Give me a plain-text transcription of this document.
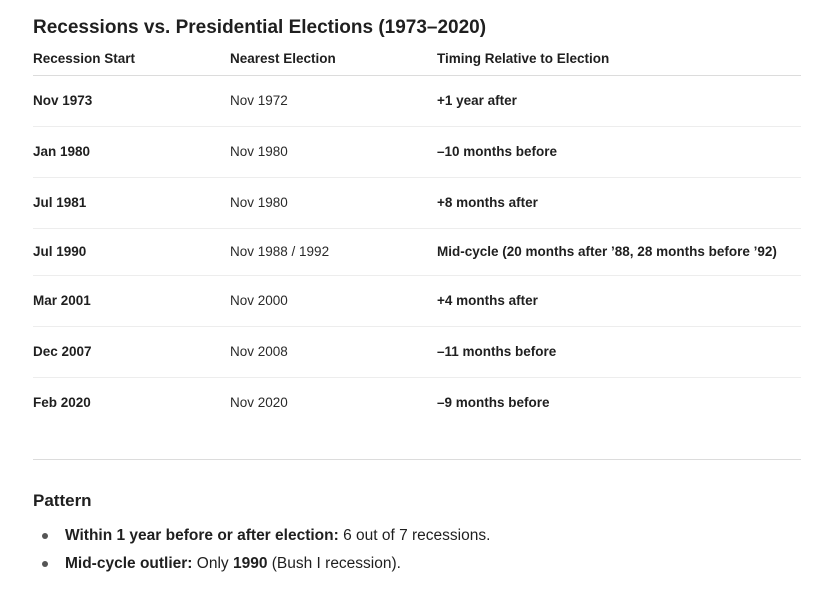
Recessions vs. Presidential Elections (1973–2020)
Recession Start	Nearest Election	Timing Relative to Election
Nov 1973	Nov 1972	+1 year after
Jan 1980	Nov 1980	–10 months before
Jul 1981	Nov 1980	+8 months after
Jul 1990	Nov 1988 / 1992	Mid-cycle (20 months after ’88, 28 months before ’92)
Mar 2001	Nov 2000	+4 months after
Dec 2007	Nov 2008	–11 months before
Feb 2020	Nov 2020	–9 months before
Pattern
Within 1 year before or after election: 6 out of 7 recessions.
Mid-cycle outlier: Only 1990 (Bush I recession).
